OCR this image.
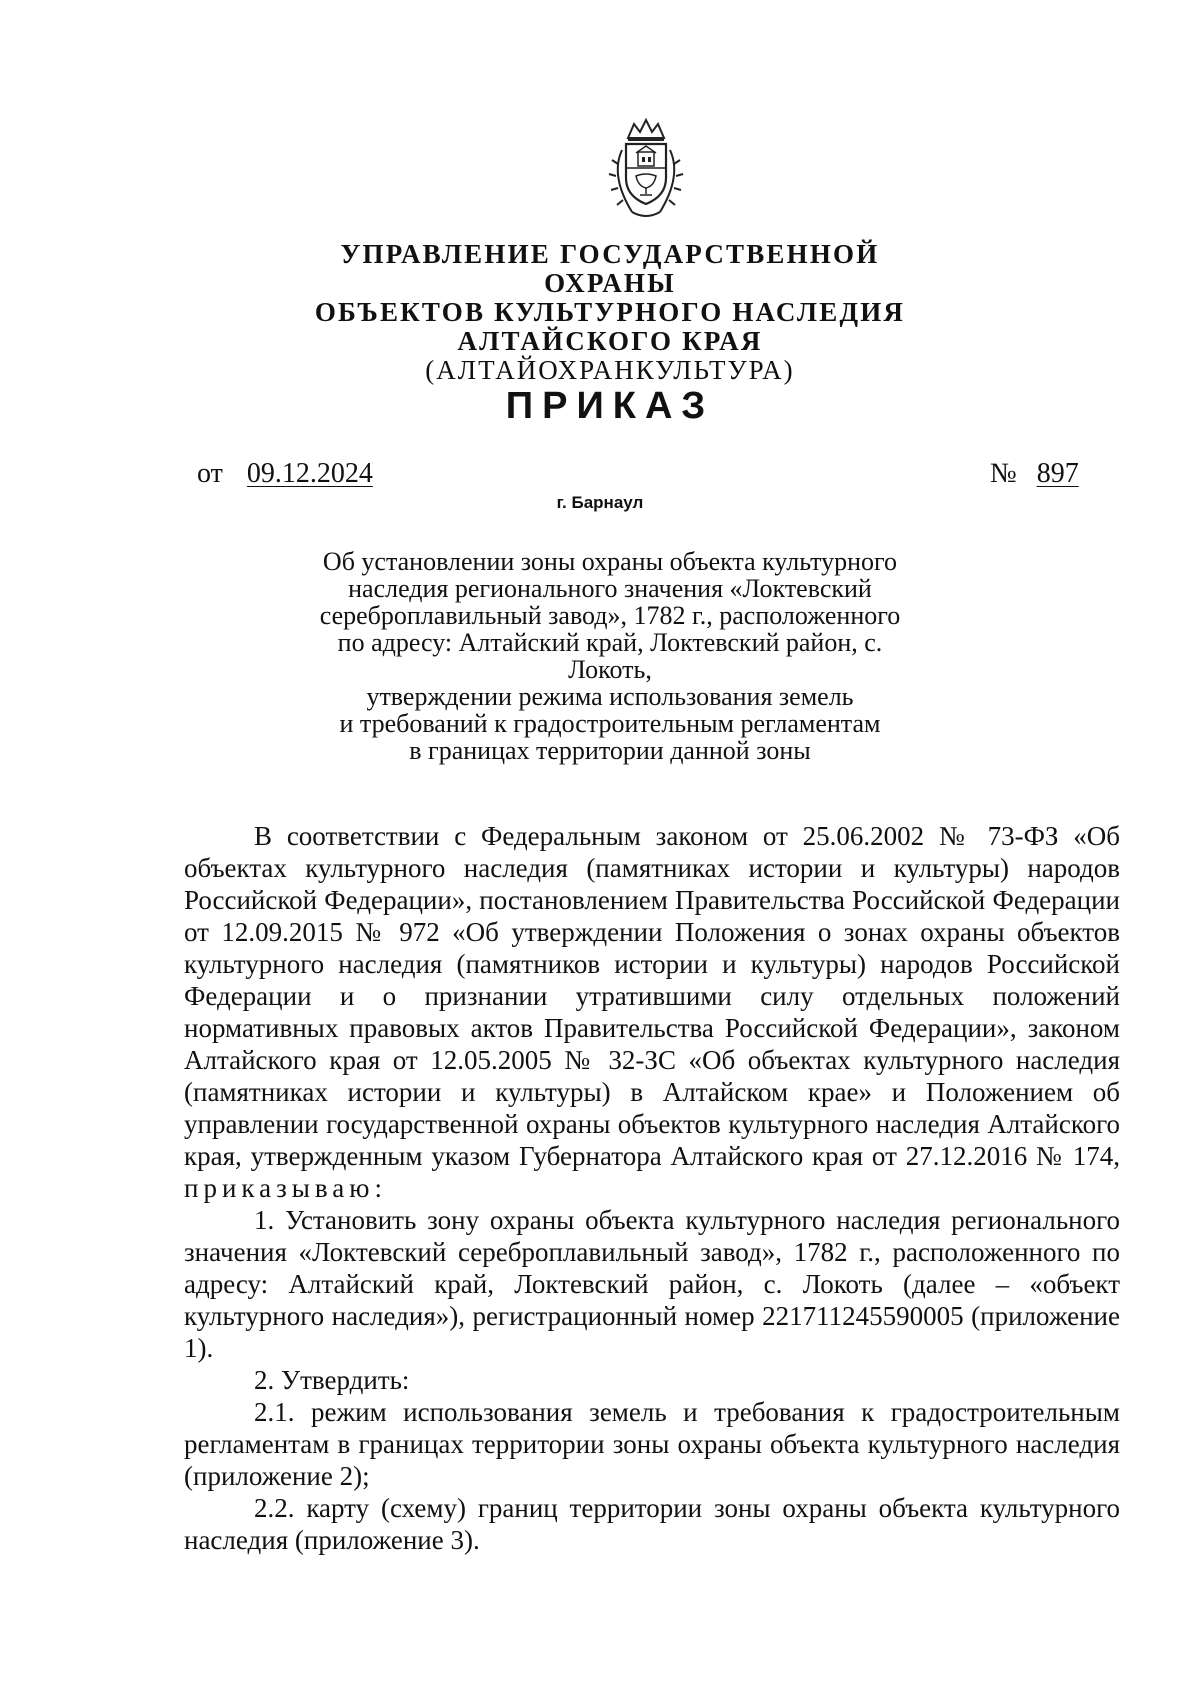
УПРАВЛЕНИЕ ГОСУДАРСТВЕННОЙ ОХРАНЫ
ОБЪЕКТОВ КУЛЬТУРНОГО НАСЛЕДИЯ
АЛТАЙСКОГО КРАЯ
(АЛТАЙОХРАНКУЛЬТУРА)
ПРИКАЗ
от 09.12.2024	№ 897
г. Барнаул
Об установлении зоны охраны объекта культурного
наследия регионального значения «Локтевский
сереброплавильный завод», 1782 г., расположенного
по адресу: Алтайский край, Локтевский район, с. Локоть,
утверждении режима использования земель
и требований к градостроительным регламентам
в границах территории данной зоны

В соответствии с Федеральным законом от 25.06.2002 № 73-ФЗ «Об объектах культурного наследия (памятниках истории и культуры) народов Российской Федерации», постановлением Правительства Российской Федерации от 12.09.2015 № 972 «Об утверждении Положения о зонах охраны объектов культурного наследия (памятников истории и культуры) народов Российской Федерации и о признании утратившими силу отдельных положений нормативных правовых актов Правительства Российской Федерации», законом Алтайского края от 12.05.2005 № 32-ЗС «Об объектах культурного наследия (памятниках истории и культуры) в Алтайском крае» и Положением об управлении государственной охраны объектов культурного наследия Алтайского края, утвержденным указом Губернатора Алтайского края от 27.12.2016 № 174, приказываю:

1. Установить зону охраны объекта культурного наследия регионального значения «Локтевский сереброплавильный завод», 1782 г., расположенного по адресу: Алтайский край, Локтевский район, с. Локоть (далее – «объект культурного наследия»), регистрационный номер 221711245590005 (приложение 1).

2. Утвердить:

2.1. режим использования земель и требования к градостроительным регламентам в границах территории зоны охраны объекта культурного наследия (приложение 2);

2.2. карту (схему) границ территории зоны охраны объекта культурного наследия (приложение 3).
